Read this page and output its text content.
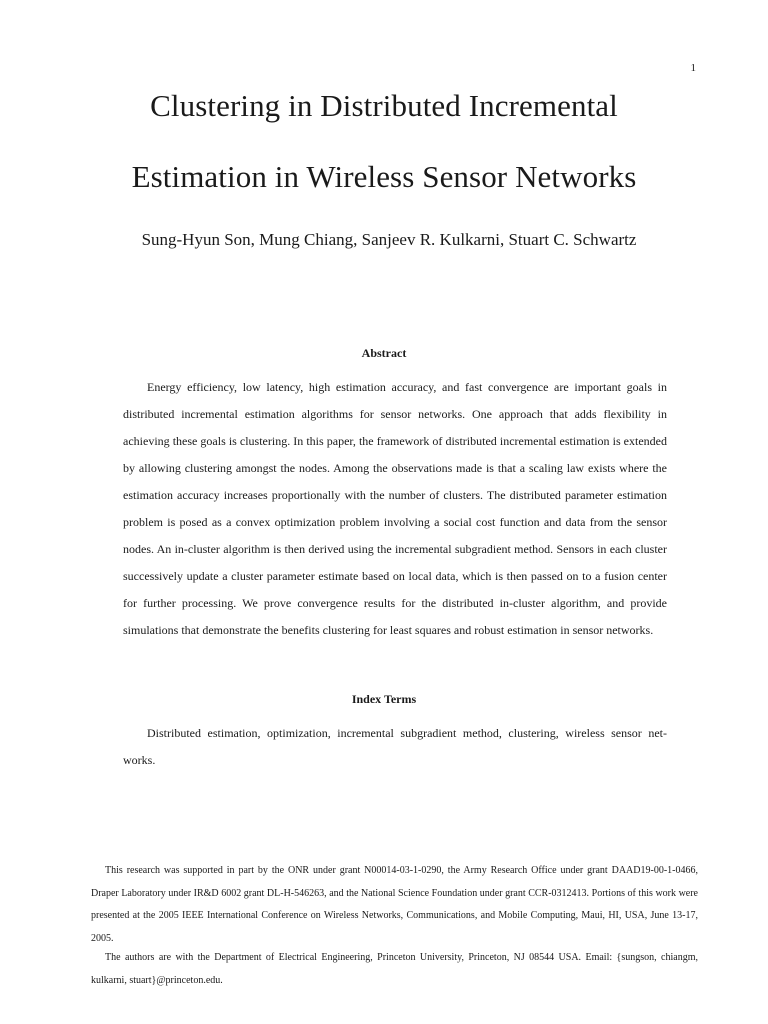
1
Clustering in Distributed Incremental
Estimation in Wireless Sensor Networks
Sung-Hyun Son, Mung Chiang, Sanjeev R. Kulkarni, Stuart C. Schwartz
Abstract

Energy efficiency, low latency, high estimation accuracy, and fast convergence are important goals in distributed incremental estimation algorithms for sensor networks. One approach that adds flexibility in achieving these goals is clustering. In this paper, the framework of distributed incremental estimation is extended by allowing clustering amongst the nodes. Among the observations made is that a scaling law exists where the estimation accuracy increases proportionally with the number of clusters. The distributed parameter estimation problem is posed as a convex optimization problem involving a social cost function and data from the sensor nodes. An in-cluster algorithm is then derived using the incremental subgradient method. Sensors in each cluster successively update a cluster parameter estimate based on local data, which is then passed on to a fusion center for further processing. We prove convergence results for the distributed in-cluster algorithm, and provide simulations that demonstrate the benefits clustering for least squares and robust estimation in sensor networks.

Index Terms

Distributed estimation, optimization, incremental subgradient method, clustering, wireless sensor net-works.

This research was supported in part by the ONR under grant N00014-03-1-0290, the Army Research Office under grant DAAD19-00-1-0466, Draper Laboratory under IR&D 6002 grant DL-H-546263, and the National Science Foundation under grant CCR-0312413. Portions of this work were presented at the 2005 IEEE International Conference on Wireless Networks, Communications, and Mobile Computing, Maui, HI, USA, June 13-17, 2005.

The authors are with the Department of Electrical Engineering, Princeton University, Princeton, NJ 08544 USA. Email: {sungson, chiangm, kulkarni, stuart}@princeton.edu.
